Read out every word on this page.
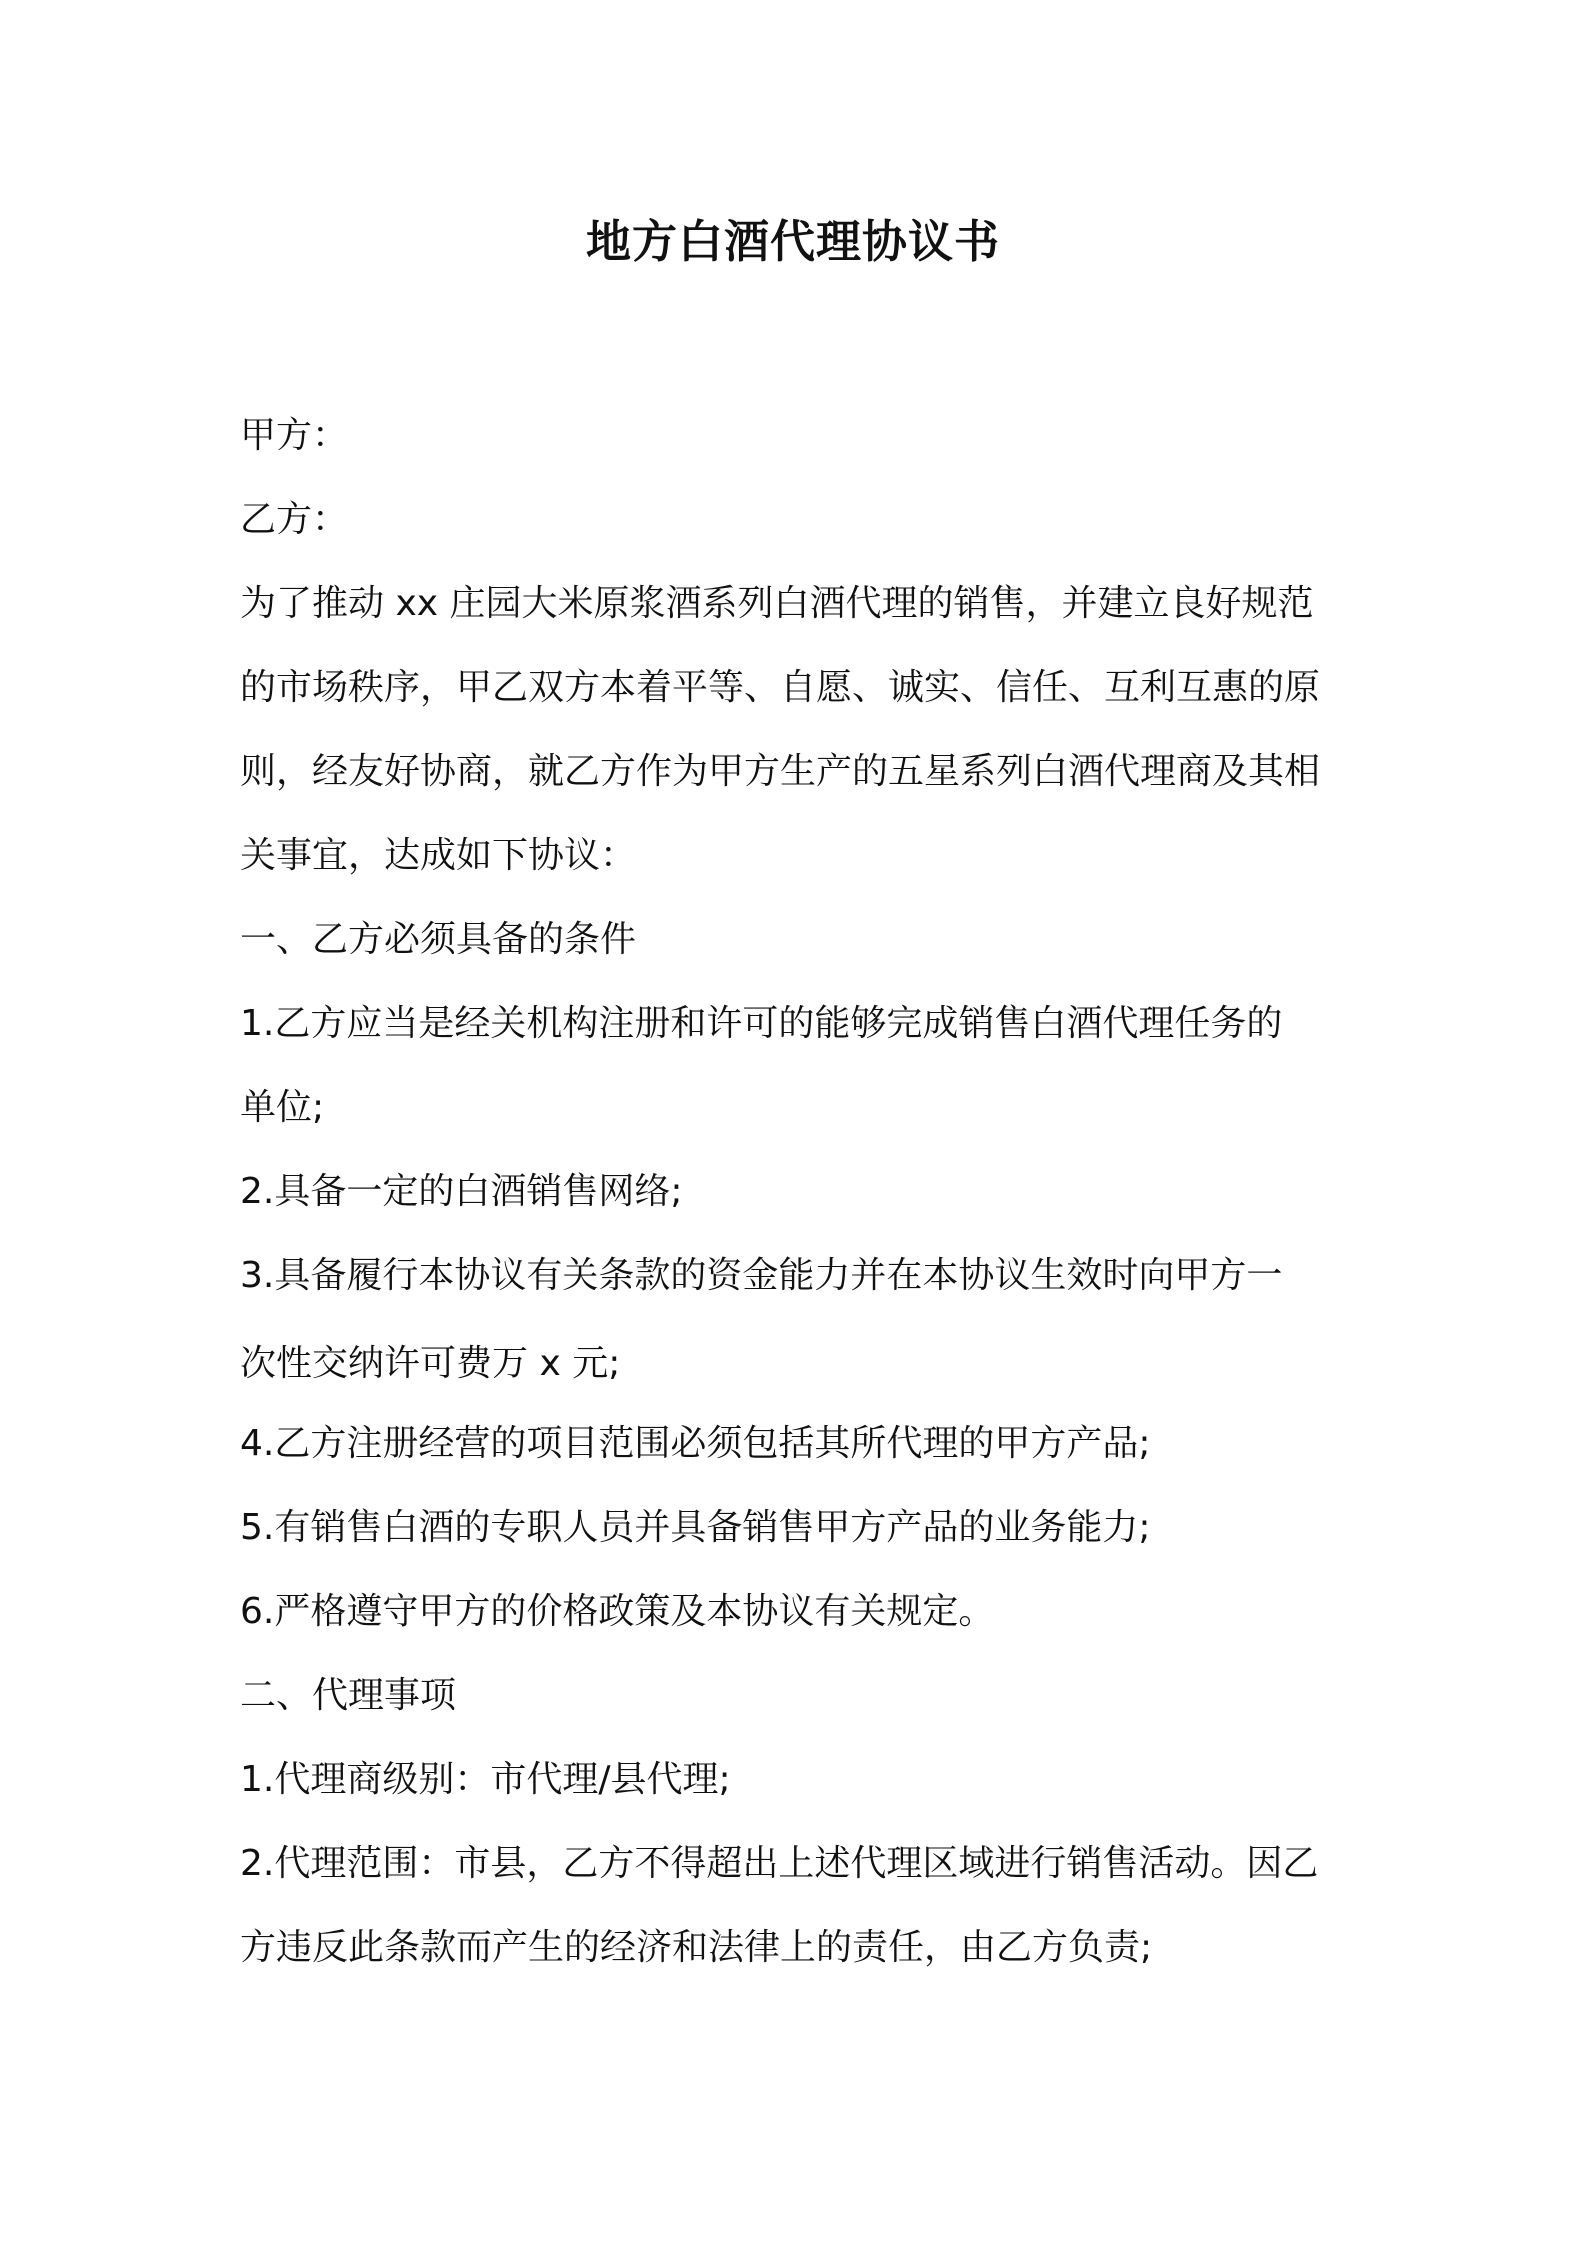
地方白酒代理协议书
甲方：
乙方：
为了推动 xx 庄园大米原浆酒系列白酒代理的销售，并建立良好规范
的市场秩序，甲乙双方本着平等、自愿、诚实、信任、互利互惠的原
则，经友好协商，就乙方作为甲方生产的五星系列白酒代理商及其相
关事宜，达成如下协议：
一、乙方必须具备的条件
1.乙方应当是经关机构注册和许可的能够完成销售白酒代理任务的
单位;
2.具备一定的白酒销售网络;
3.具备履行本协议有关条款的资金能力并在本协议生效时向甲方一
次性交纳许可费万 x 元;
4.乙方注册经营的项目范围必须包括其所代理的甲方产品;
5.有销售白酒的专职人员并具备销售甲方产品的业务能力;
6.严格遵守甲方的价格政策及本协议有关规定。
二、代理事项
1.代理商级别：市代理/县代理;
2.代理范围：市县，乙方不得超出上述代理区域进行销售活动。因乙
方违反此条款而产生的经济和法律上的责任，由乙方负责;
